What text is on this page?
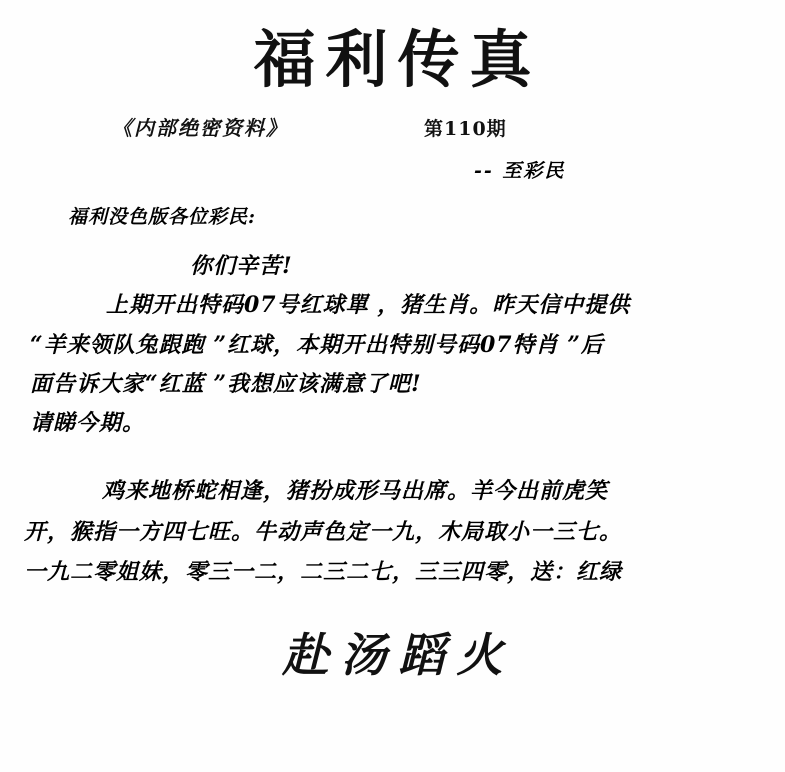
福利传真
《内部绝密资料》	第110期
-- 至彩民
福利没色版各位彩民:
你们辛苦!
上期开出特码07号红球單 ，猪生肖。昨天信中提供
“羊来领队兔跟跑 ”红球，本期开出特别号码07特肖 ”后
面告诉大家“红蓝 ”我想应该满意了吧!
请睇今期。
鸡来地桥蛇相逢，猪扮成形马出席。羊今出前虎笑
开，猴指一方四七旺。牛动声色定一九，木局取小一三七。
一九二零姐妹，零三一二，二三二七，三三四零，送：红绿
赴汤蹈火
